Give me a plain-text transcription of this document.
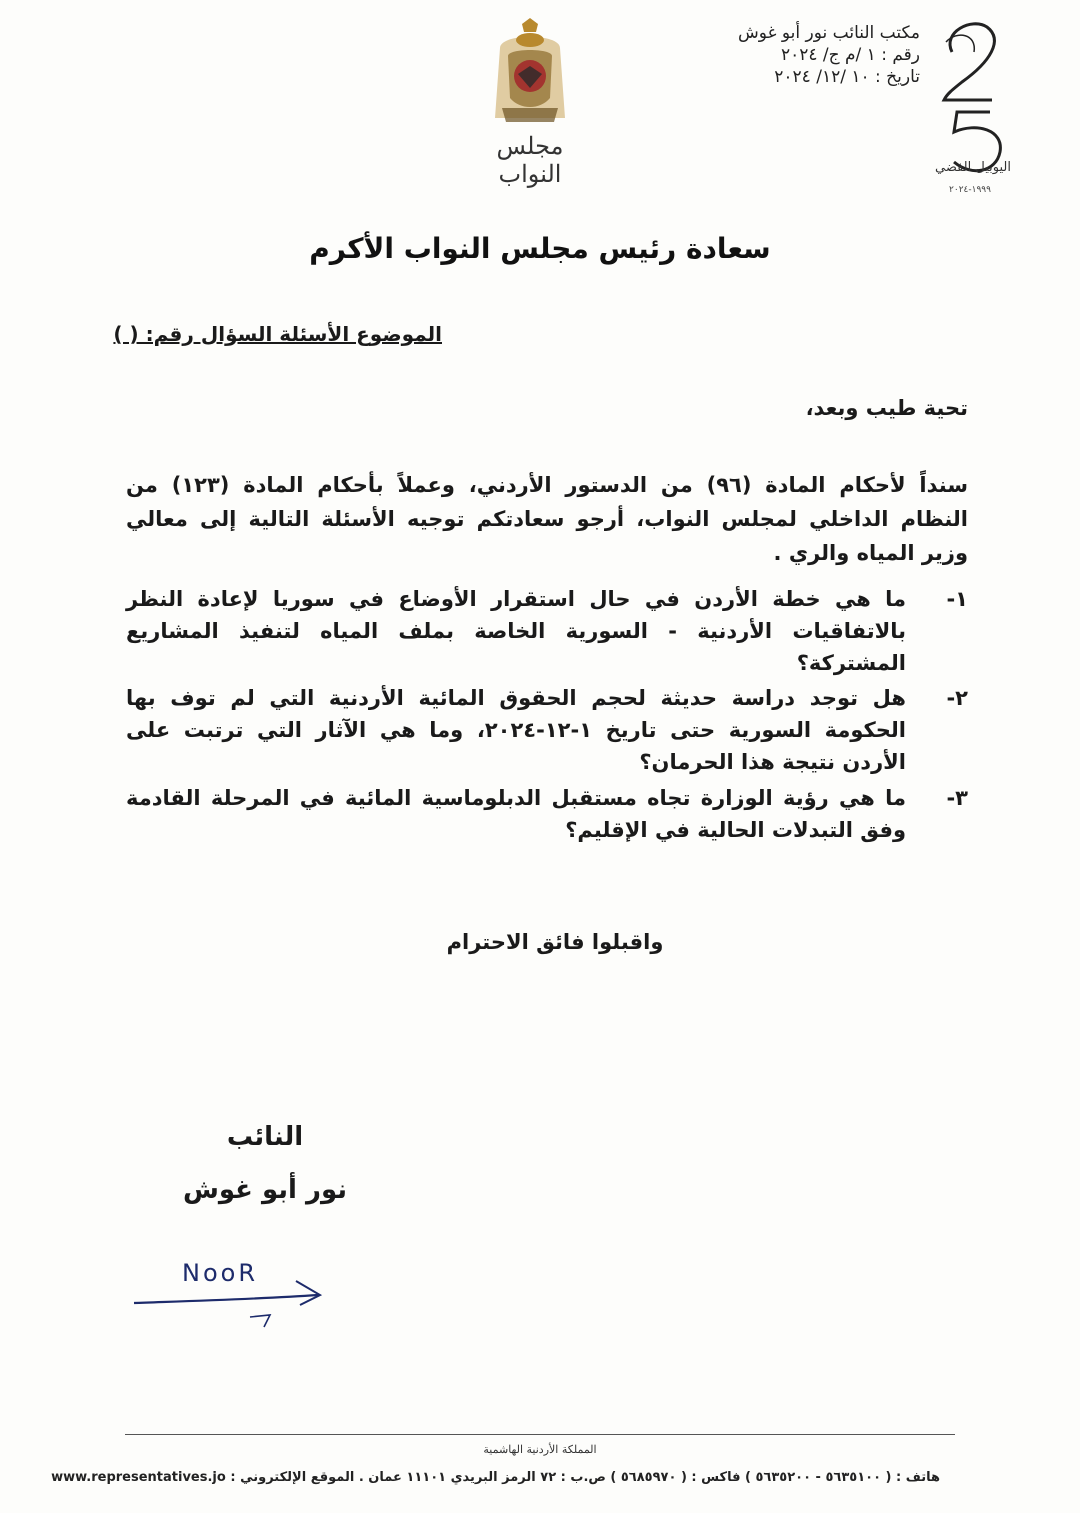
مكتب النائب نور أبو غوش
رقم : ١ /م ج/ ٢٠٢٤
تاريخ : ١٠ /١٢/ ٢٠٢٤
اليوبيل الفضي
١٩٩٩-٢٠٢٤
مجلس النواب
سعادة رئيس مجلس النواب الأكرم
الموضوع الأسئلة السؤال رقم: ( )
تحية طيب وبعد،
سنداً لأحكام المادة (٩٦) من الدستور الأردني، وعملاً بأحكام المادة (١٢٣) من النظام الداخلي لمجلس النواب، أرجو سعادتكم توجيه الأسئلة التالية إلى معالي وزير المياه والري .
١-
ما هي خطة الأردن في حال استقرار الأوضاع في سوريا لإعادة النظر بالاتفاقيات الأردنية - السورية الخاصة بملف المياه لتنفيذ المشاريع المشتركة؟
٢-
هل توجد دراسة حديثة لحجم الحقوق المائية الأردنية التي لم توف بها الحكومة السورية حتى تاريخ ١-١٢-٢٠٢٤، وما هي الآثار التي ترتبت على الأردن نتيجة هذا الحرمان؟
٣-
ما هي رؤية الوزارة تجاه مستقبل الدبلوماسية المائية في المرحلة القادمة وفق التبدلات الحالية في الإقليم؟
واقبلوا فائق الاحترام
النائب
نور أبو غوش
NooR
المملكة الأردنية الهاشمية
هاتف : ( ٥٦٣٥١٠٠ - ٥٦٣٥٢٠٠ ) فاكس : ( ٥٦٨٥٩٧٠ ) ص.ب : ٧٢ الرمز البريدي ١١١٠١ عمان . الموقع الإلكتروني : www.representatives.jo
